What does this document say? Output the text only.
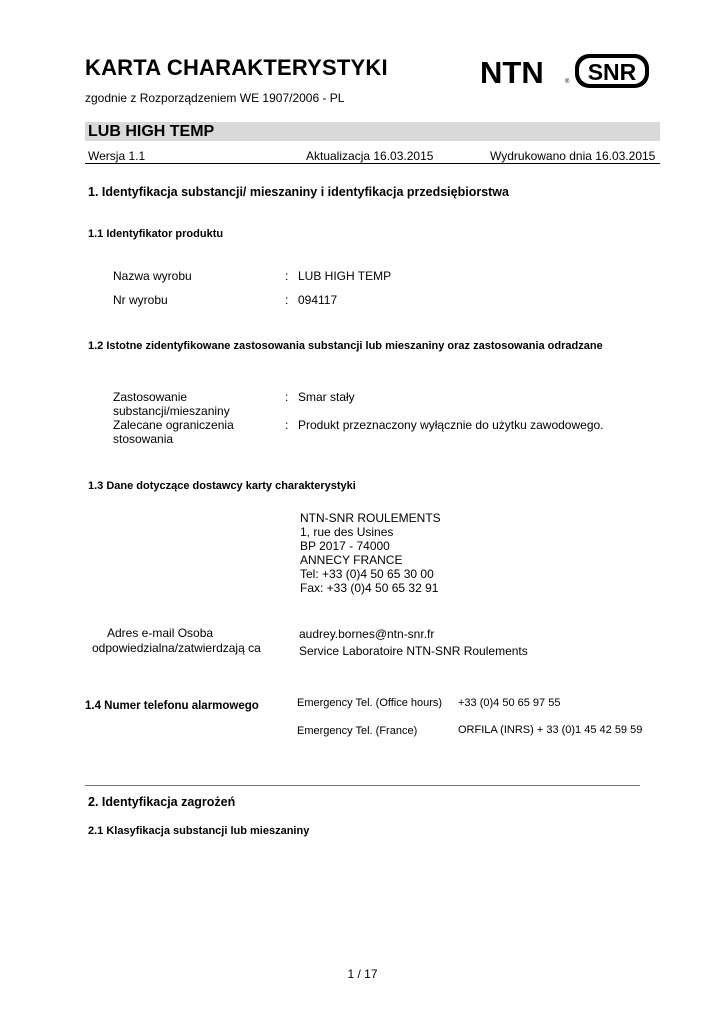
KARTA CHARAKTERYSTYKI
zgodnie z Rozporządzeniem WE 1907/2006 - PL
NTN	® SNR
LUB HIGH TEMP
Wersja 1.1	Aktualizacja 16.03.2015	Wydrukowano dnia 16.03.2015
1. Identyfikacja substancji/ mieszaniny i identyfikacja przedsiębiorstwa
1.1 Identyfikator produktu
Nazwa wyrobu	: LUB HIGH TEMP
Nr wyrobu	: 094117
1.2 Istotne zidentyfikowane zastosowania substancji lub mieszaniny oraz zastosowania odradzane
Zastosowanie substancji/mieszaniny
: Smar stały
Zalecane ograniczenia stosowania
: Produkt przeznaczony wyłącznie do użytku zawodowego.
1.3 Dane dotyczące dostawcy karty charakterystyki
NTN-SNR ROULEMENTS
1, rue des Usines
BP 2017 - 74000
ANNECY FRANCE
Tel: +33 (0)4 50 65 30 00
Fax: +33 (0)4 50 65 32 91
Adres e-mail Osoba
odpowiedzialna/zatwierdzają ca
audrey.bornes@ntn-snr.fr
Service Laboratoire NTN-SNR Roulements
1.4 Numer telefonu alarmowego	Emergency Tel. (Office hours) +33 (0)4 50 65 97 55
Emergency Tel. (France)	ORFILA (INRS) + 33 (0)1 45 42 59 59
2. Identyfikacja zagrożeń
2.1 Klasyfikacja substancji lub mieszaniny
1 / 17
